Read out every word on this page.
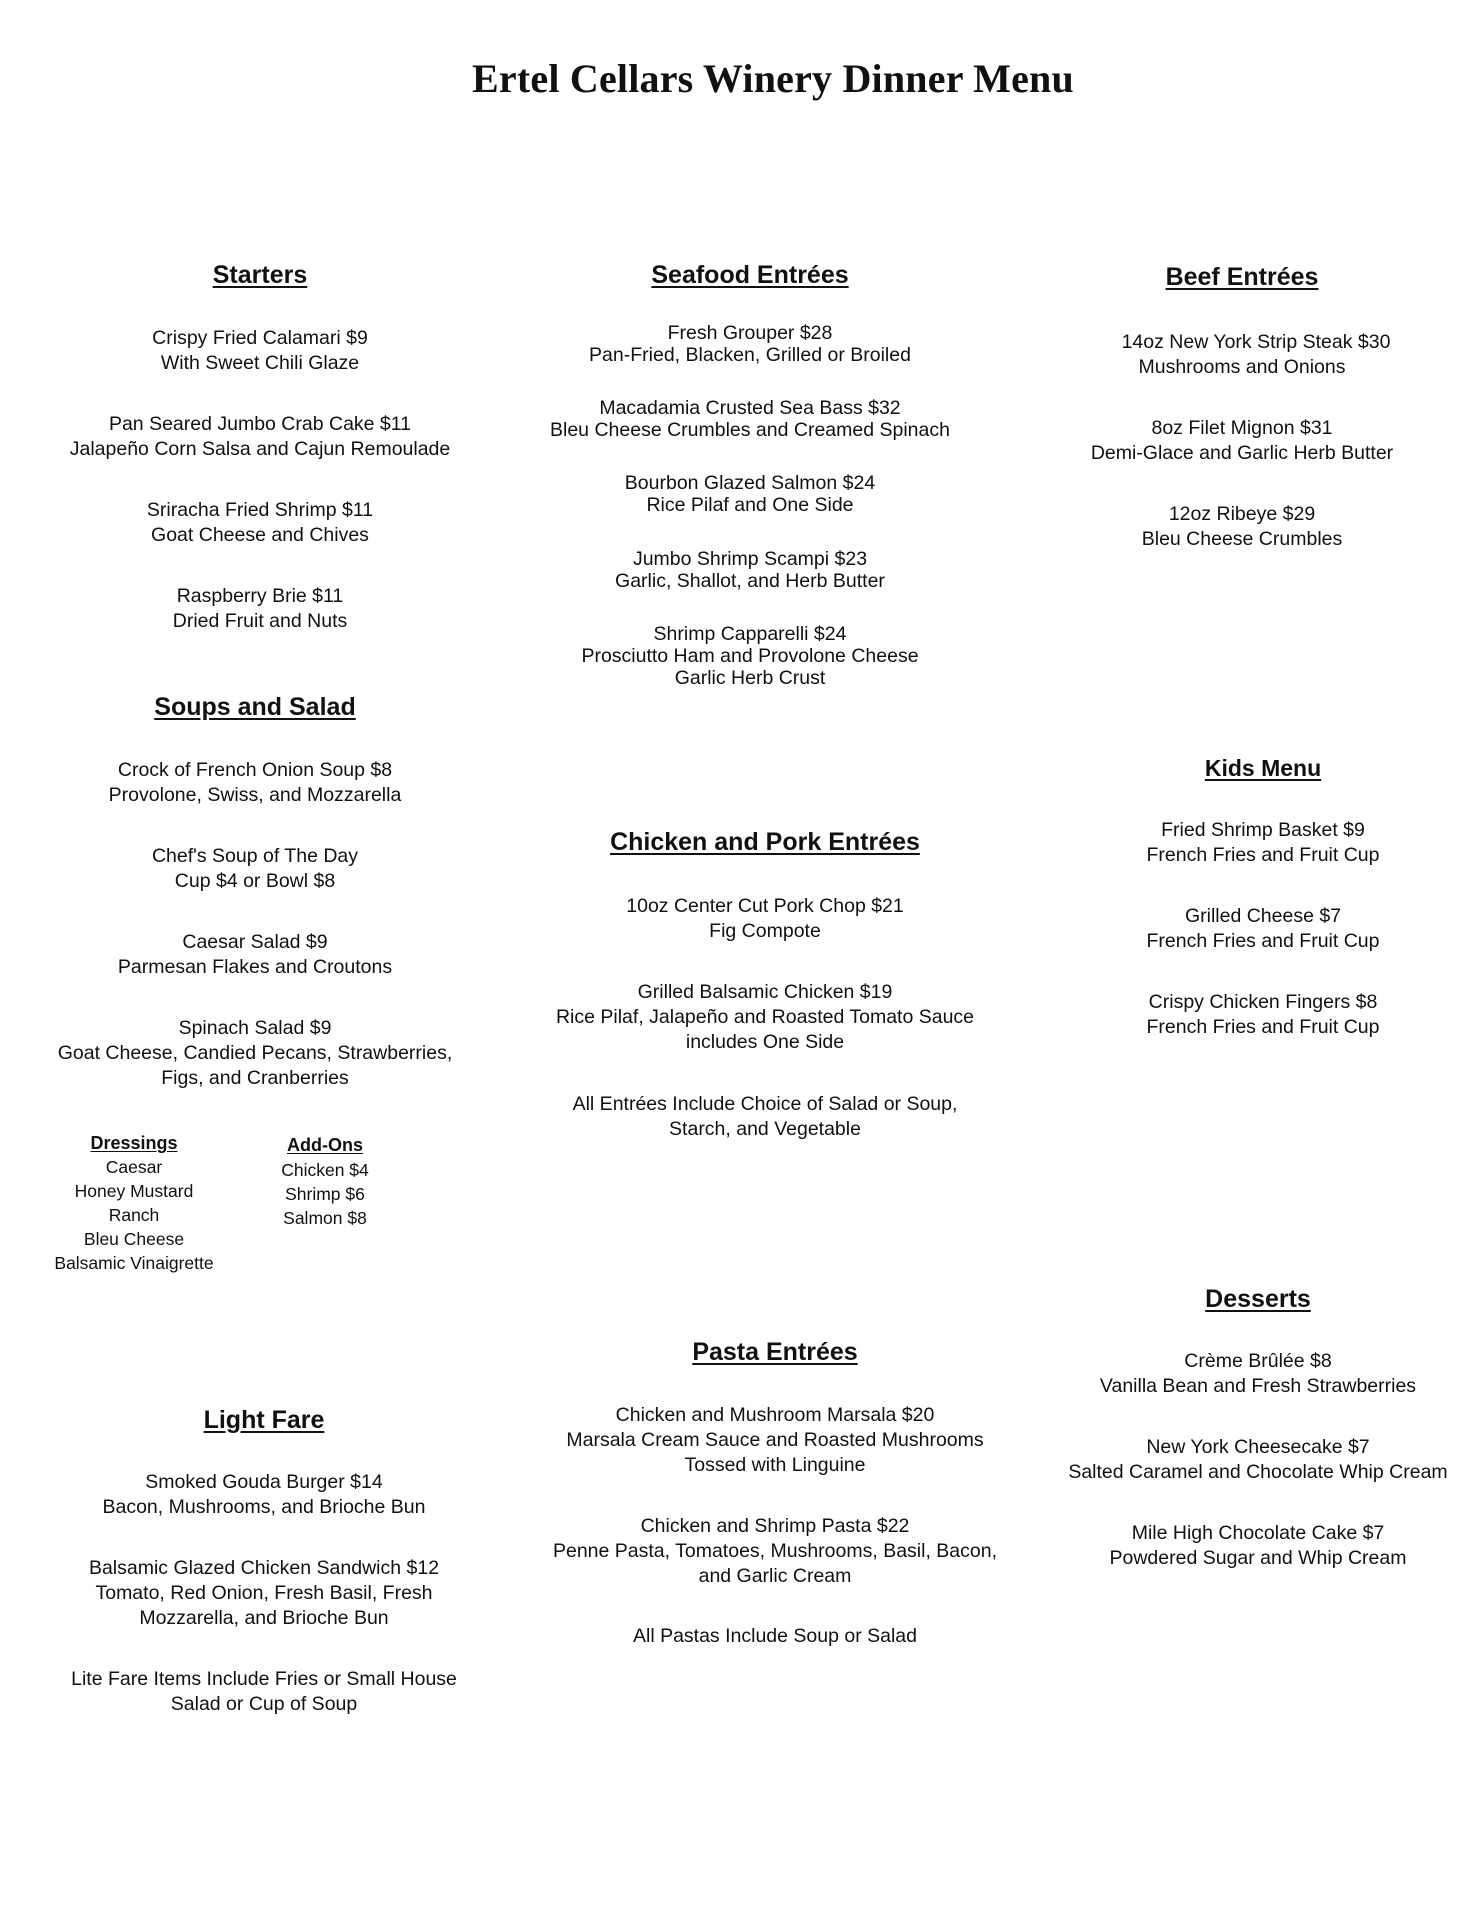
Ertel Cellars Winery Dinner Menu
Starters
Crispy Fried Calamari $9
With Sweet Chili Glaze
Pan Seared Jumbo Crab Cake $11
Jalapeño Corn Salsa and Cajun Remoulade
Sriracha Fried Shrimp $11
Goat Cheese and Chives
Raspberry Brie $11
Dried Fruit and Nuts
Soups and Salad
Crock of French Onion Soup $8
Provolone, Swiss, and Mozzarella
Chef's Soup of The Day
Cup $4 or Bowl $8
Caesar Salad $9
Parmesan Flakes and Croutons
Spinach Salad $9
Goat Cheese, Candied Pecans, Strawberries,
Figs, and Cranberries
Dressings
Caesar
Honey Mustard
Ranch
Bleu Cheese
Balsamic Vinaigrette
Add-Ons
Chicken $4
Shrimp $6
Salmon $8
Light Fare
Smoked Gouda Burger $14
Bacon, Mushrooms, and Brioche Bun
Balsamic Glazed Chicken Sandwich $12
Tomato, Red Onion, Fresh Basil, Fresh
Mozzarella, and Brioche Bun
Lite Fare Items Include Fries or Small House
Salad or Cup of Soup
Seafood Entrées
Fresh Grouper $28
Pan-Fried, Blacken, Grilled or Broiled
Macadamia Crusted Sea Bass $32
Bleu Cheese Crumbles and Creamed Spinach
Bourbon Glazed Salmon $24
Rice Pilaf and One Side
Jumbo Shrimp Scampi $23
Garlic, Shallot, and Herb Butter
Shrimp Capparelli $24
Prosciutto Ham and Provolone Cheese
Garlic Herb Crust
Chicken and Pork Entrées
10oz Center Cut Pork Chop $21
Fig Compote
Grilled Balsamic Chicken $19
Rice Pilaf, Jalapeño and Roasted Tomato Sauce
includes One Side
All Entrées Include Choice of Salad or Soup,
Starch, and Vegetable
Pasta Entrées
Chicken and Mushroom Marsala $20
Marsala Cream Sauce and Roasted Mushrooms
Tossed with Linguine
Chicken and Shrimp Pasta $22
Penne Pasta, Tomatoes, Mushrooms, Basil, Bacon,
and Garlic Cream
All Pastas Include Soup or Salad
Beef Entrées
14oz New York Strip Steak $30
Mushrooms and Onions
8oz Filet Mignon $31
Demi-Glace and Garlic Herb Butter
12oz Ribeye $29
Bleu Cheese Crumbles
Kids Menu
Fried Shrimp Basket $9
French Fries and Fruit Cup
Grilled Cheese $7
French Fries and Fruit Cup
Crispy Chicken Fingers $8
French Fries and Fruit Cup
Desserts
Crème Brûlée $8
Vanilla Bean and Fresh Strawberries
New York Cheesecake $7
Salted Caramel and Chocolate Whip Cream
Mile High Chocolate Cake $7
Powdered Sugar and Whip Cream
